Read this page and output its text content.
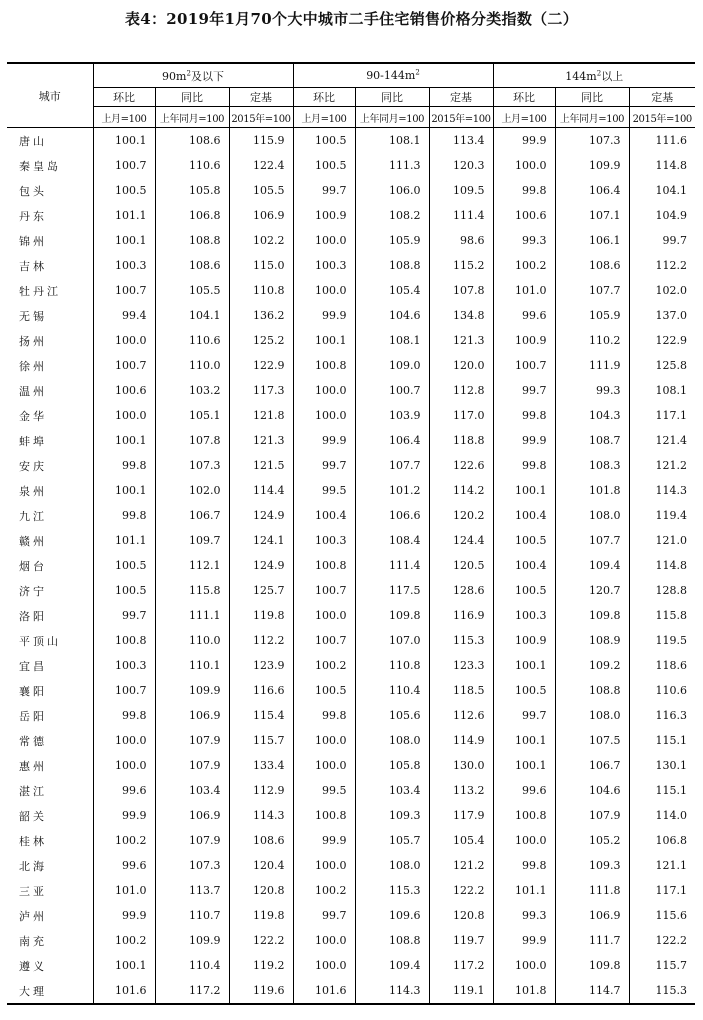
表4：2019年1月70个大中城市二手住宅销售价格分类指数（二）
城市	$90m^2$及以下			$90-144m^2$			$144m^2$以上		
	环比	同比	定基	环比	同比	定基	环比	同比	定基
	上月=100	上年同月=100	2015年=100	上月=100	上年同月=100	2015年=100	上月=100	上年同月=100	2015年=100
唐山	100.1	108.6	115.9	100.5	108.1	113.4	99.9	107.3	111.6
秦皇岛	100.7	110.6	122.4	100.5	111.3	120.3	100.0	109.9	114.8
包头	100.5	105.8	105.5	99.7	106.0	109.5	99.8	106.4	104.1
丹东	101.1	106.8	106.9	100.9	108.2	111.4	100.6	107.1	104.9
锦州	100.1	108.8	102.2	100.0	105.9	98.6	99.3	106.1	99.7
吉林	100.3	108.6	115.0	100.3	108.8	115.2	100.2	108.6	112.2
牡丹江	100.7	105.5	110.8	100.0	105.4	107.8	101.0	107.7	102.0
无锡	99.4	104.1	136.2	99.9	104.6	134.8	99.6	105.9	137.0
扬州	100.0	110.6	125.2	100.1	108.1	121.3	100.9	110.2	122.9
徐州	100.7	110.0	122.9	100.8	109.0	120.0	100.7	111.9	125.8
温州	100.6	103.2	117.3	100.0	100.7	112.8	99.7	99.3	108.1
金华	100.0	105.1	121.8	100.0	103.9	117.0	99.8	104.3	117.1
蚌埠	100.1	107.8	121.3	99.9	106.4	118.8	99.9	108.7	121.4
安庆	99.8	107.3	121.5	99.7	107.7	122.6	99.8	108.3	121.2
泉州	100.1	102.0	114.4	99.5	101.2	114.2	100.1	101.8	114.3
九江	99.8	106.7	124.9	100.4	106.6	120.2	100.4	108.0	119.4
赣州	101.1	109.7	124.1	100.3	108.4	124.4	100.5	107.7	121.0
烟台	100.5	112.1	124.9	100.8	111.4	120.5	100.4	109.4	114.8
济宁	100.5	115.8	125.7	100.7	117.5	128.6	100.5	120.7	128.8
洛阳	99.7	111.1	119.8	100.0	109.8	116.9	100.3	109.8	115.8
平顶山	100.8	110.0	112.2	100.7	107.0	115.3	100.9	108.9	119.5
宜昌	100.3	110.1	123.9	100.2	110.8	123.3	100.1	109.2	118.6
襄阳	100.7	109.9	116.6	100.5	110.4	118.5	100.5	108.8	110.6
岳阳	99.8	106.9	115.4	99.8	105.6	112.6	99.7	108.0	116.3
常德	100.0	107.9	115.7	100.0	108.0	114.9	100.1	107.5	115.1
惠州	100.0	107.9	133.4	100.0	105.8	130.0	100.1	106.7	130.1
湛江	99.6	103.4	112.9	99.5	103.4	113.2	99.6	104.6	115.1
韶关	99.9	106.9	114.3	100.8	109.3	117.9	100.8	107.9	114.0
桂林	100.2	107.9	108.6	99.9	105.7	105.4	100.0	105.2	106.8
北海	99.6	107.3	120.4	100.0	108.0	121.2	99.8	109.3	121.1
三亚	101.0	113.7	120.8	100.2	115.3	122.2	101.1	111.8	117.1
泸州	99.9	110.7	119.8	99.7	109.6	120.8	99.3	106.9	115.6
南充	100.2	109.9	122.2	100.0	108.8	119.7	99.9	111.7	122.2
遵义	100.1	110.4	119.2	100.0	109.4	117.2	100.0	109.8	115.7
大理	101.6	117.2	119.6	101.6	114.3	119.1	101.8	114.7	115.3
